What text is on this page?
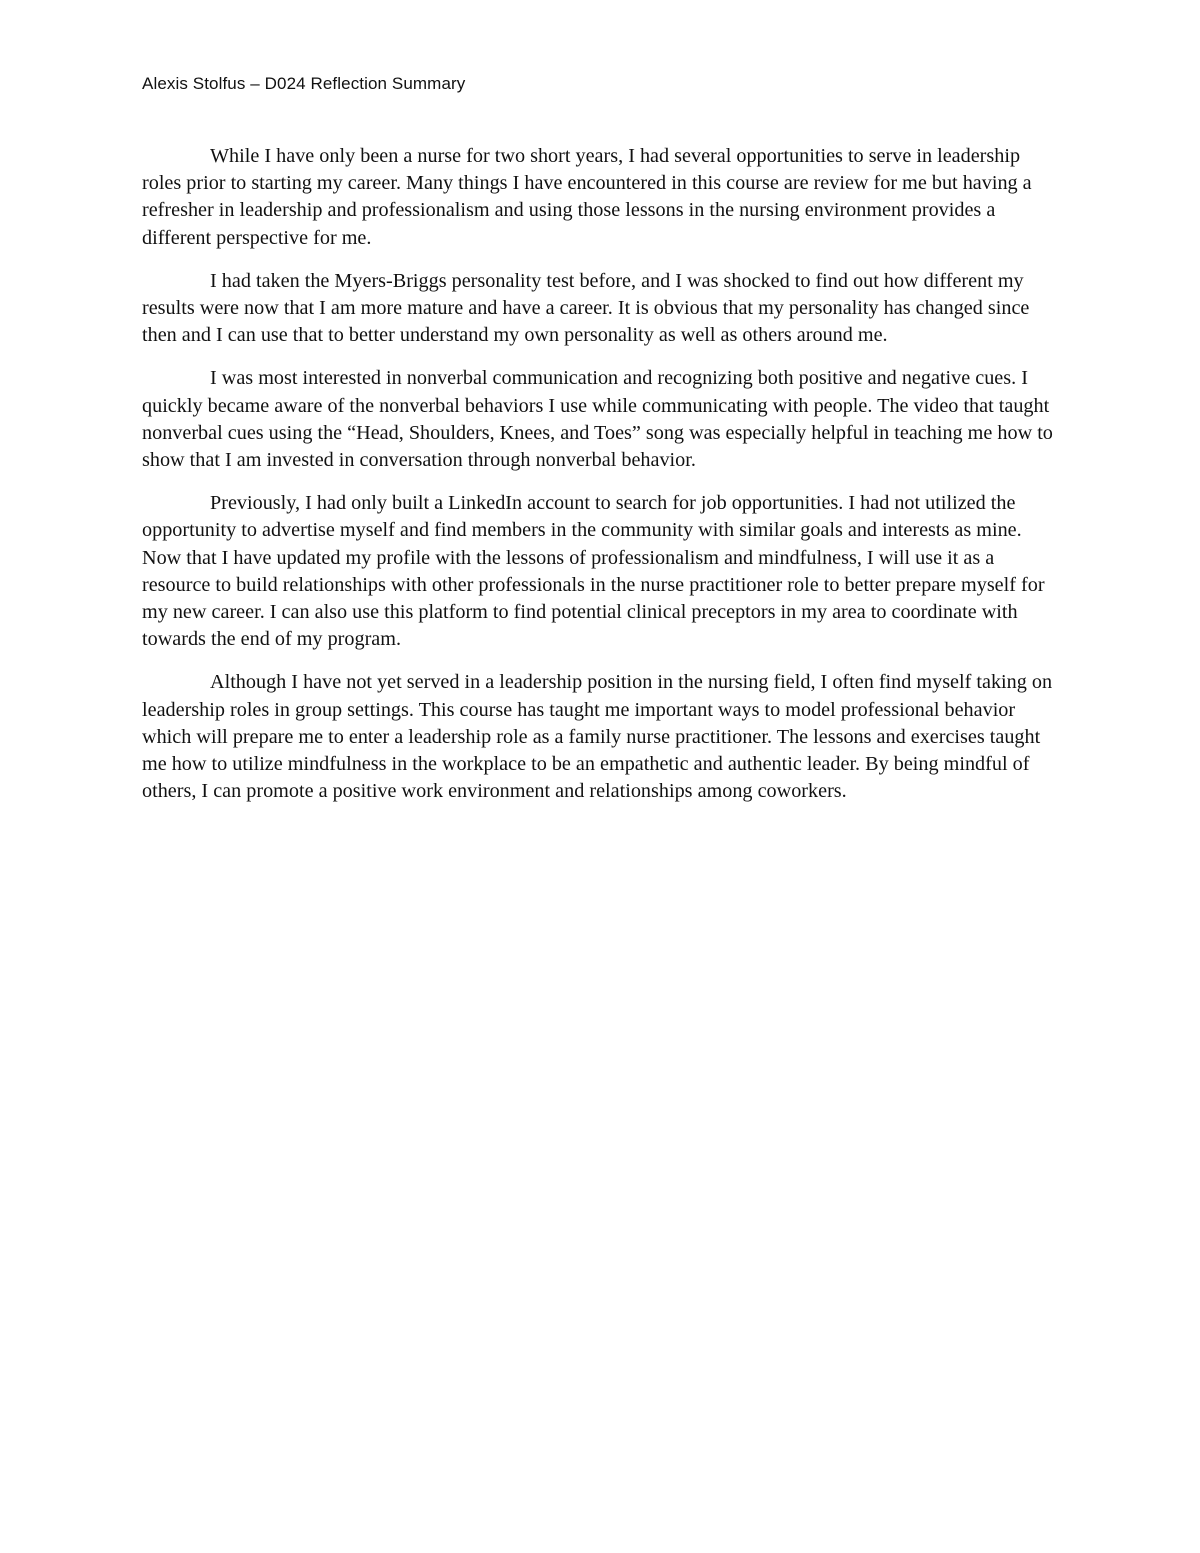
Alexis Stolfus – D024 Reflection Summary

While I have only been a nurse for two short years, I had several opportunities to serve in leadership roles prior to starting my career. Many things I have encountered in this course are review for me but having a refresher in leadership and professionalism and using those lessons in the nursing environment provides a different perspective for me.

I had taken the Myers-Briggs personality test before, and I was shocked to find out how different my results were now that I am more mature and have a career. It is obvious that my personality has changed since then and I can use that to better understand my own personality as well as others around me.

I was most interested in nonverbal communication and recognizing both positive and negative cues. I quickly became aware of the nonverbal behaviors I use while communicating with people. The video that taught nonverbal cues using the “Head, Shoulders, Knees, and Toes” song was especially helpful in teaching me how to show that I am invested in conversation through nonverbal behavior.

Previously, I had only built a LinkedIn account to search for job opportunities. I had not utilized the opportunity to advertise myself and find members in the community with similar goals and interests as mine. Now that I have updated my profile with the lessons of professionalism and mindfulness, I will use it as a resource to build relationships with other professionals in the nurse practitioner role to better prepare myself for my new career. I can also use this platform to find potential clinical preceptors in my area to coordinate with towards the end of my program.

Although I have not yet served in a leadership position in the nursing field, I often find myself taking on leadership roles in group settings. This course has taught me important ways to model professional behavior which will prepare me to enter a leadership role as a family nurse practitioner. The lessons and exercises taught me how to utilize mindfulness in the workplace to be an empathetic and authentic leader. By being mindful of others, I can promote a positive work environment and relationships among coworkers.
